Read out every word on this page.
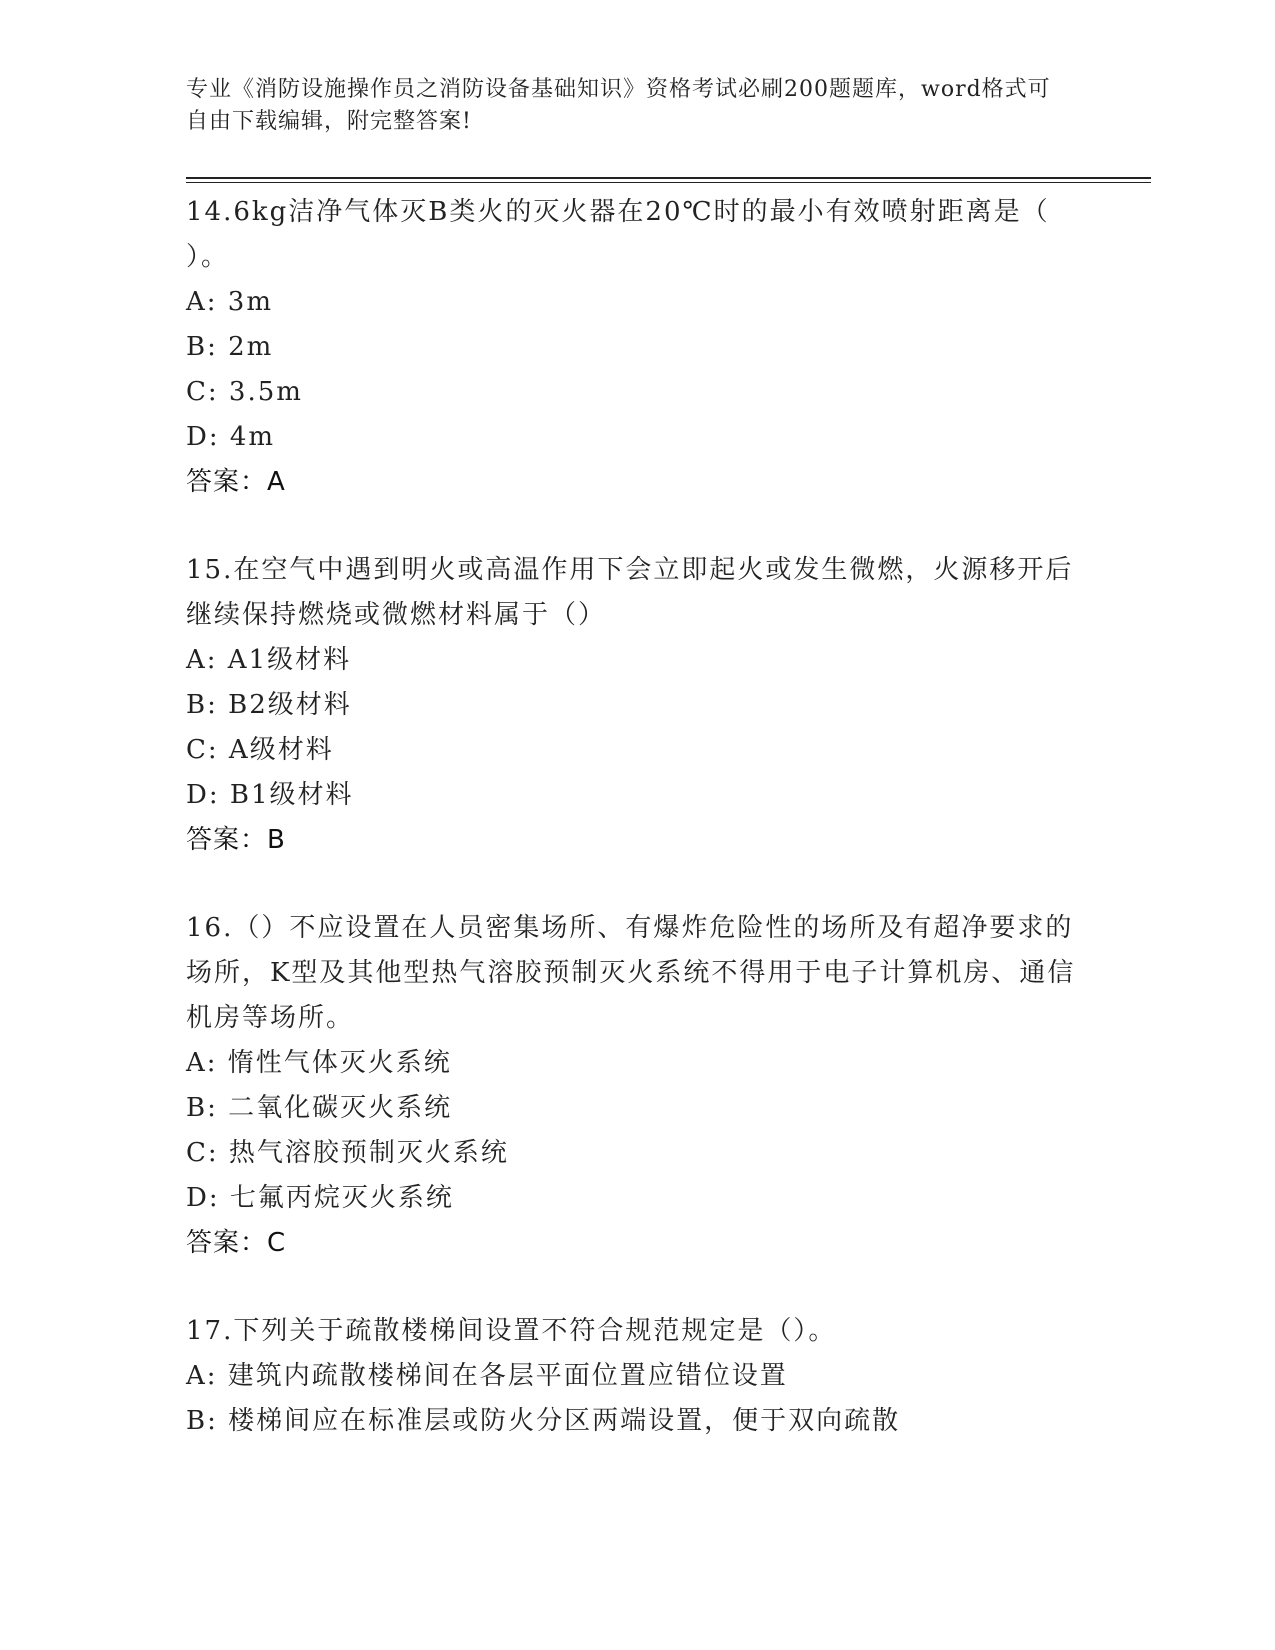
专业《消防设施操作员之消防设备基础知识》资格考试必刷200题题库，word格式可自由下载编辑，附完整答案!
14.6kg洁净气体灭B类火的灭火器在20℃时的最小有效喷射距离是（ ）。
A: 3m
B: 2m
C: 3.5m
D: 4m
答案：A
15.在空气中遇到明火或高温作用下会立即起火或发生微燃，火源移开后继续保持燃烧或微燃材料属于（）
A: A1级材料
B: B2级材料
C: A级材料
D: B1级材料
答案：B
16.（）不应设置在人员密集场所、有爆炸危险性的场所及有超净要求的场所，K型及其他型热气溶胶预制灭火系统不得用于电子计算机房、通信机房等场所。
A: 惰性气体灭火系统
B: 二氧化碳灭火系统
C: 热气溶胶预制灭火系统
D: 七氟丙烷灭火系统
答案：C
17.下列关于疏散楼梯间设置不符合规范规定是（）。
A: 建筑内疏散楼梯间在各层平面位置应错位设置
B: 楼梯间应在标准层或防火分区两端设置，便于双向疏散
